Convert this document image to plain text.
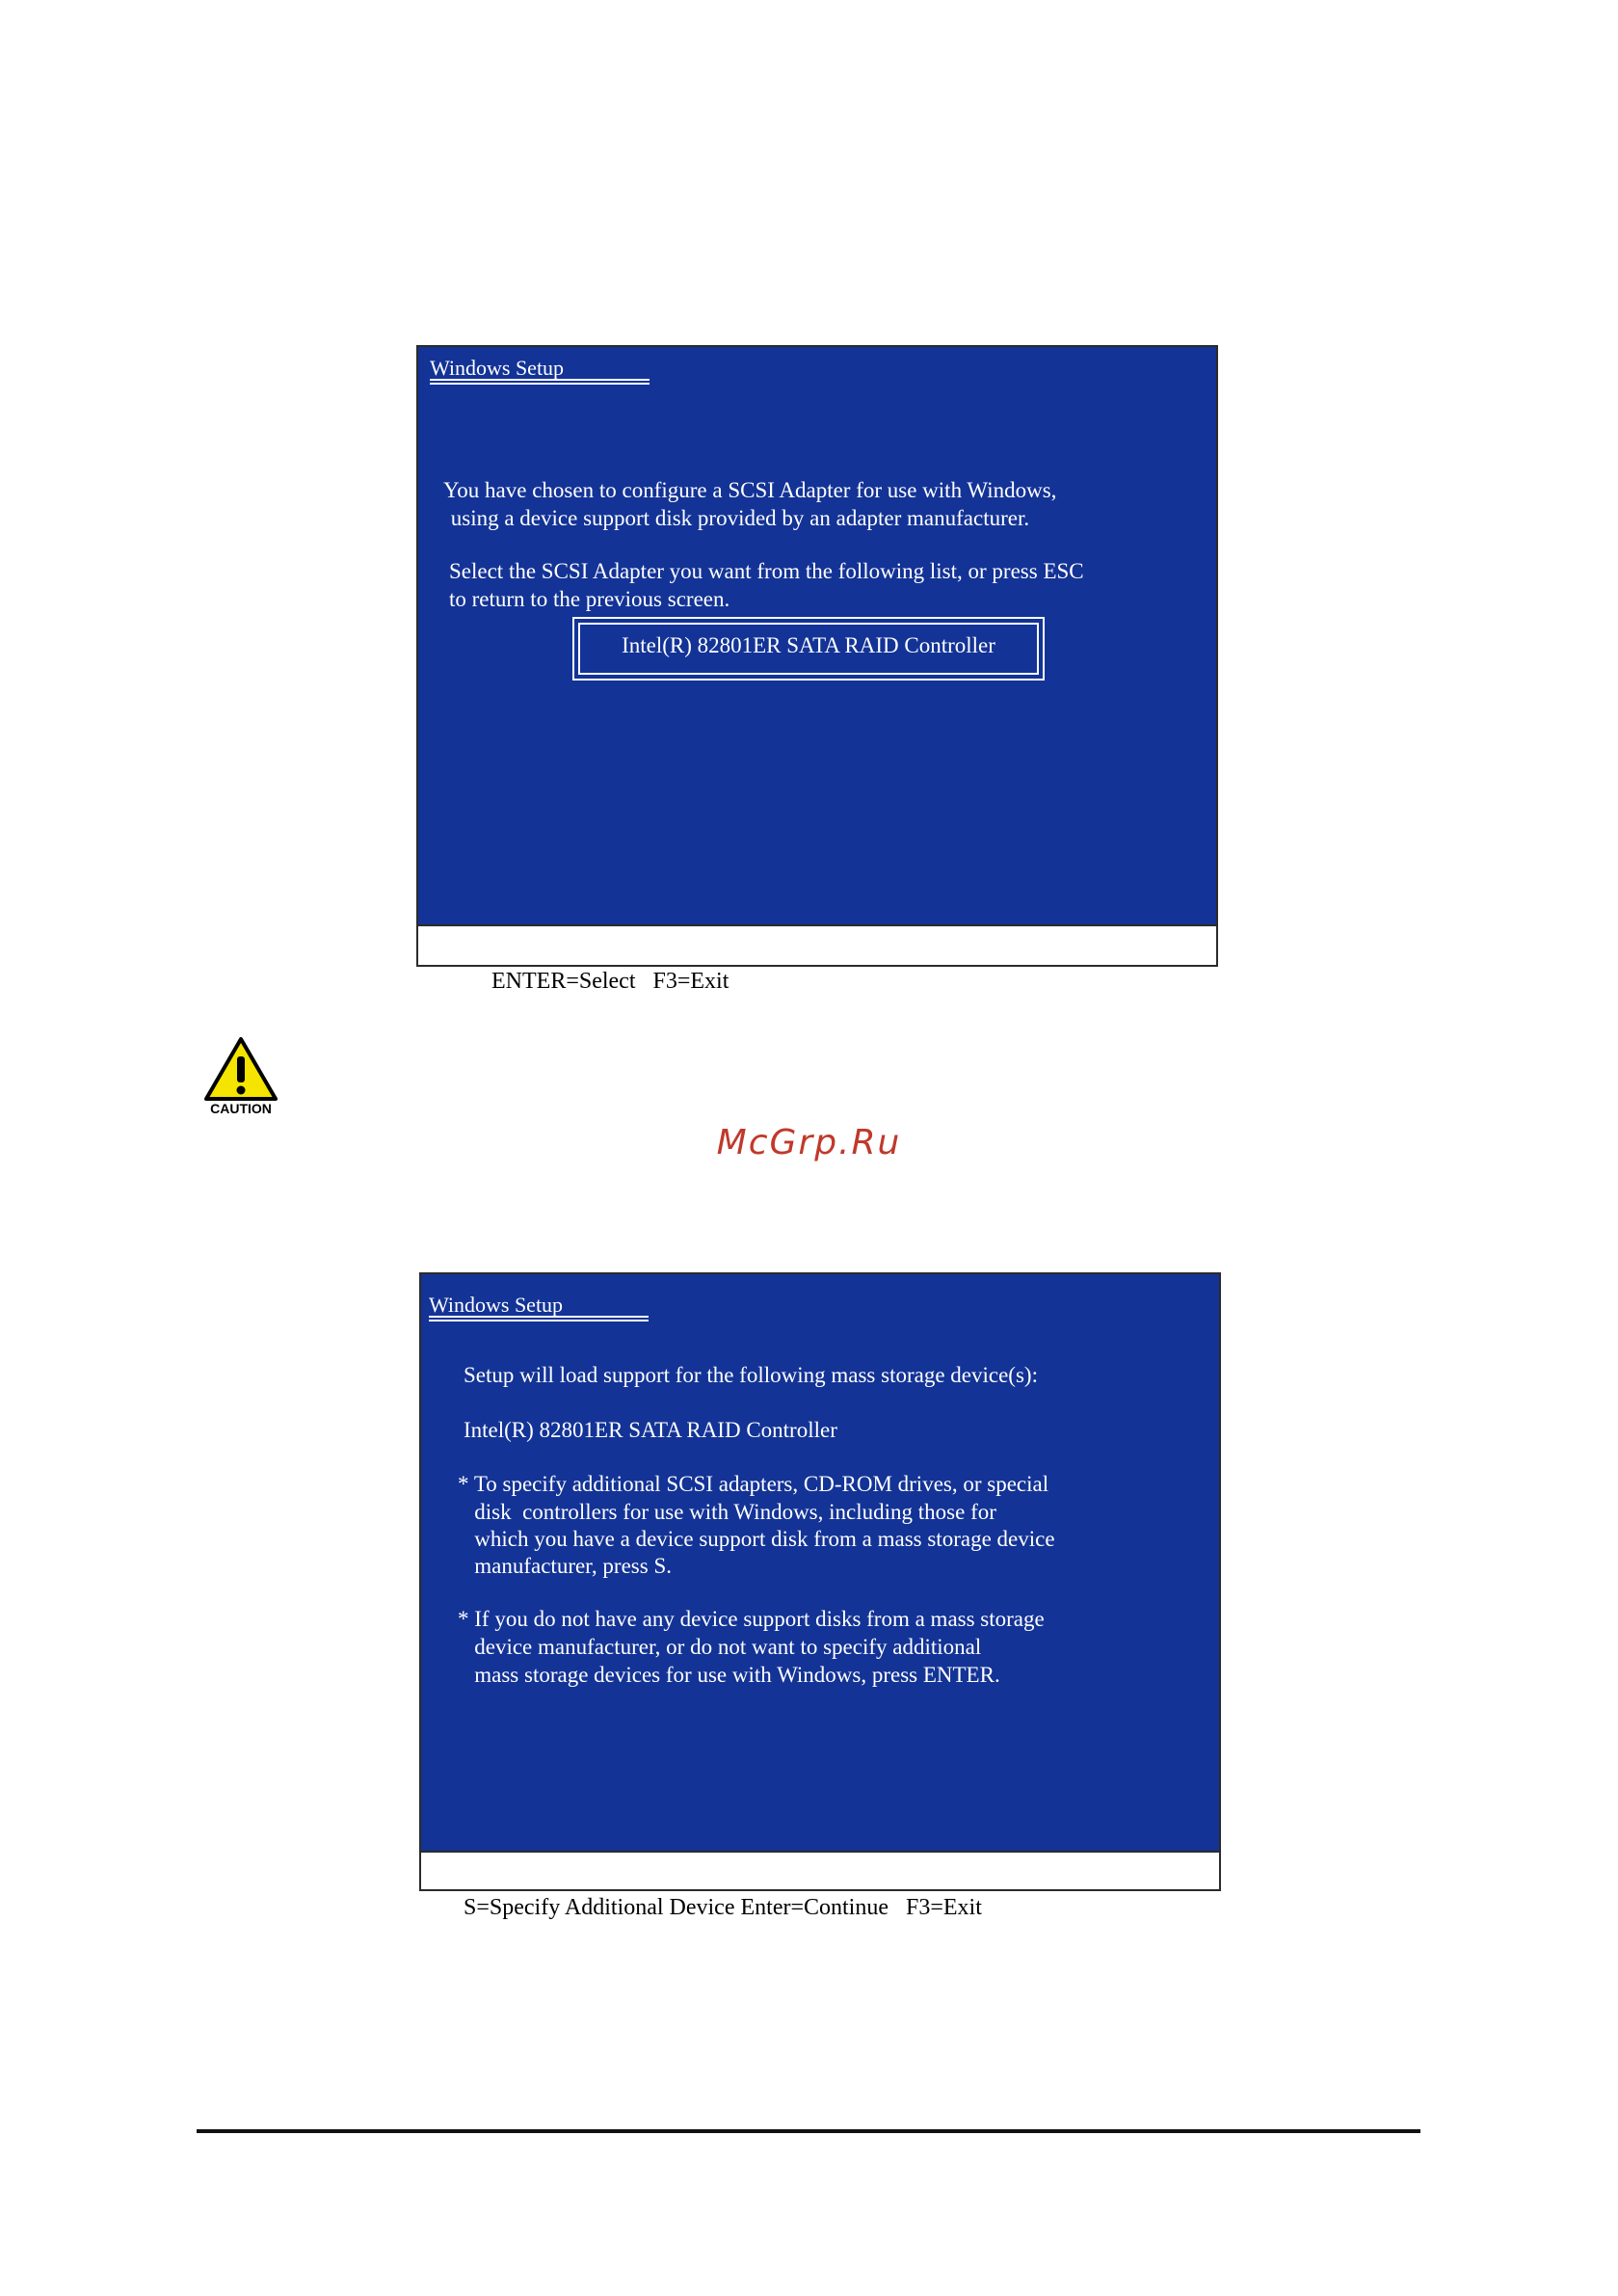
Windows Setup
You have chosen to configure a SCSI Adapter for use with Windows,
using a device support disk provided by an adapter manufacturer.
Select the SCSI Adapter you want from the following list, or press ESC
to return to the previous screen.
Intel(R) 82801ER SATA RAID Controller

ENTER=Select   F3=Exit

CAUTION
McGrp.Ru
Windows Setup
Setup will load support for the following mass storage device(s):
Intel(R) 82801ER SATA RAID Controller
* To specify additional SCSI adapters, CD-ROM drives, or special
disk  controllers for use with Windows, including those for
which you have a device support disk from a mass storage device
manufacturer, press S.
* If you do not have any device support disks from a mass storage
device manufacturer, or do not want to specify additional
mass storage devices for use with Windows, press ENTER.

S=Specify Additional Device Enter=Continue   F3=Exit
